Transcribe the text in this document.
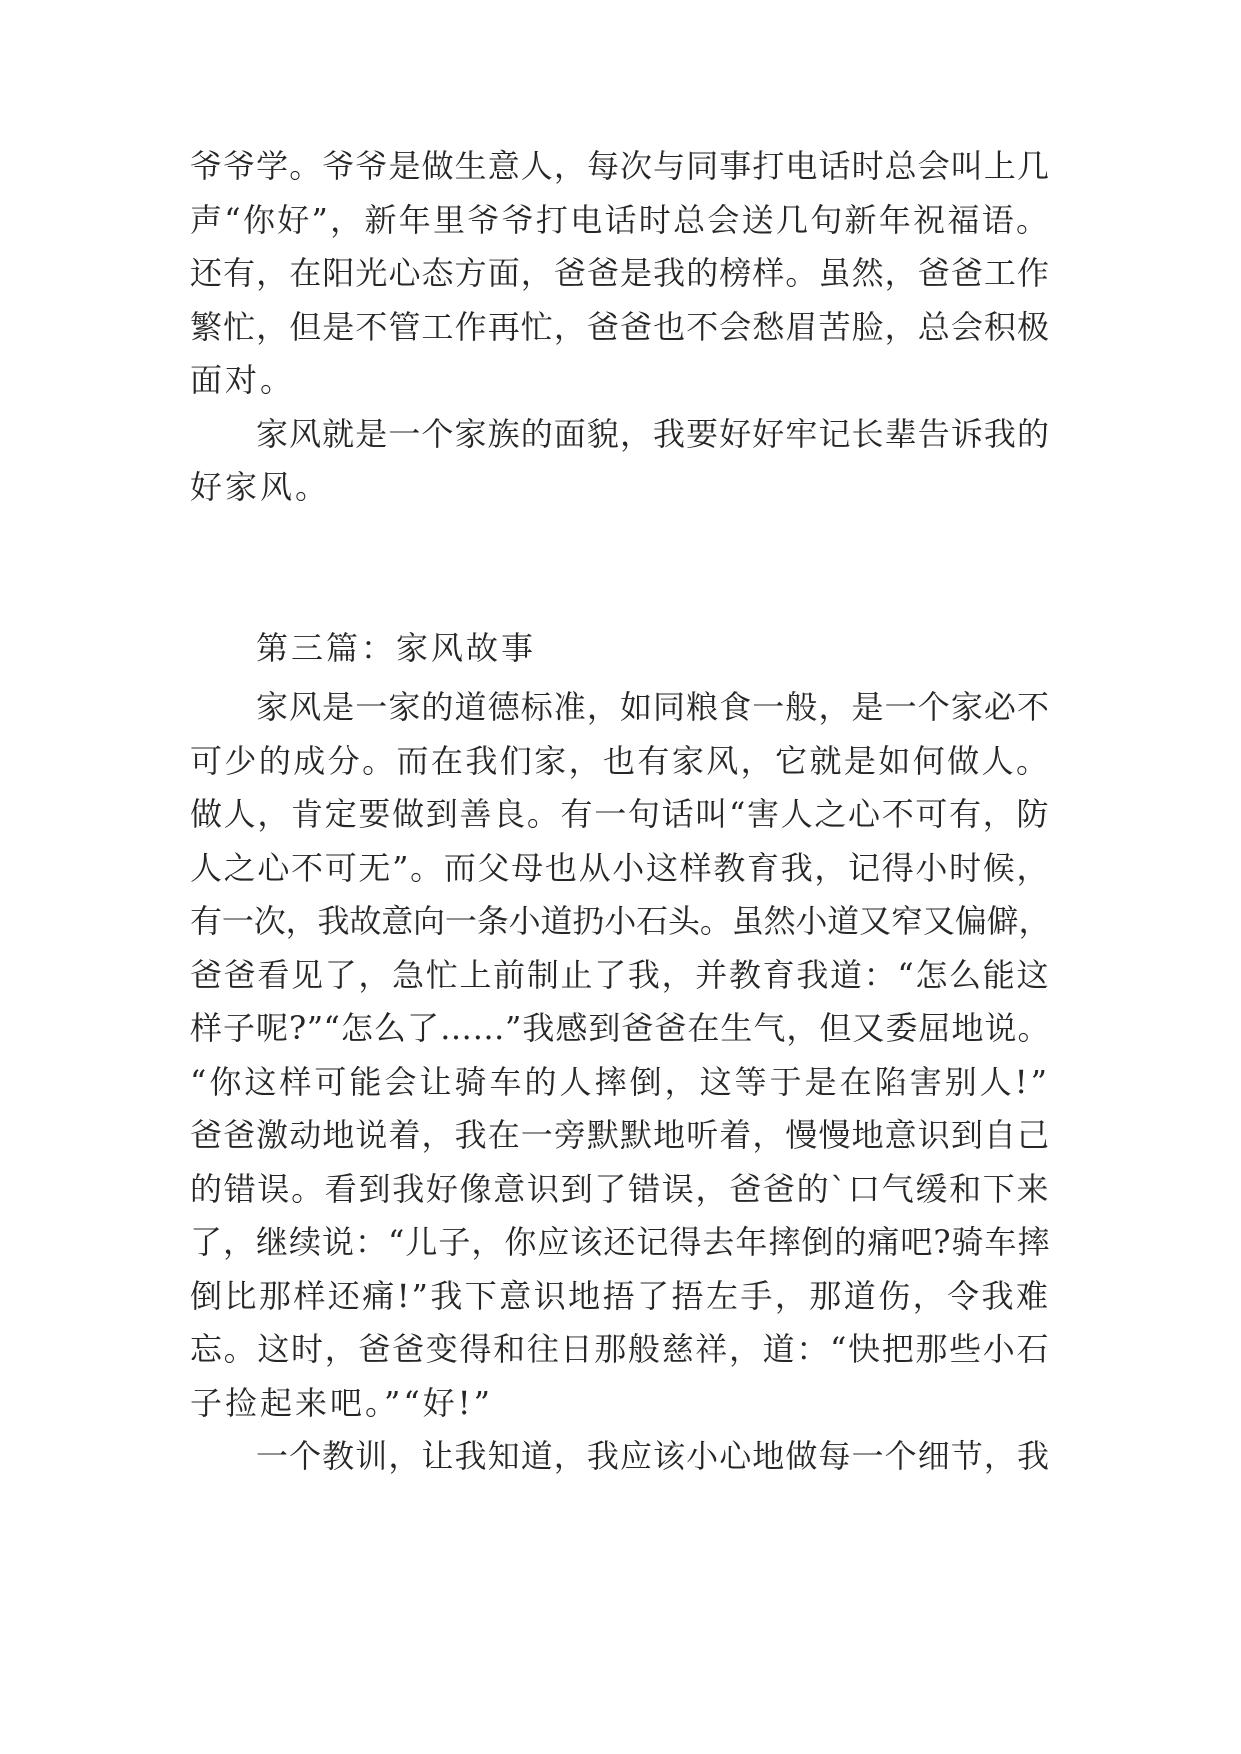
爷爷学。爷爷是做生意人，每次与同事打电话时总会叫上几
声“你好”，新年里爷爷打电话时总会送几句新年祝福语。
还有，在阳光心态方面，爸爸是我的榜样。虽然，爸爸工作
繁忙，但是不管工作再忙，爸爸也不会愁眉苦脸，总会积极
面对。
家风就是一个家族的面貌，我要好好牢记长辈告诉我的
好家风。
第三篇：家风故事
家风是一家的道德标准，如同粮食一般，是一个家必不
可少的成分。而在我们家，也有家风，它就是如何做人。
做人，肯定要做到善良。有一句话叫“害人之心不可有，防
人之心不可无”。而父母也从小这样教育我，记得小时候，
有一次，我故意向一条小道扔小石头。虽然小道又窄又偏僻，
爸爸看见了，急忙上前制止了我，并教育我道：“怎么能这
样子呢?”“怎么了……”我感到爸爸在生气，但又委屈地说。
“你这样可能会让骑车的人摔倒，这等于是在陷害别人!”
爸爸激动地说着，我在一旁默默地听着，慢慢地意识到自己
的错误。看到我好像意识到了错误，爸爸的`口气缓和下来
了，继续说：“儿子，你应该还记得去年摔倒的痛吧?骑车摔
倒比那样还痛!”我下意识地捂了捂左手，那道伤，令我难
忘。这时，爸爸变得和往日那般慈祥，道：“快把那些小石
子捡起来吧。”“好!”
一个教训，让我知道，我应该小心地做每一个细节，我
